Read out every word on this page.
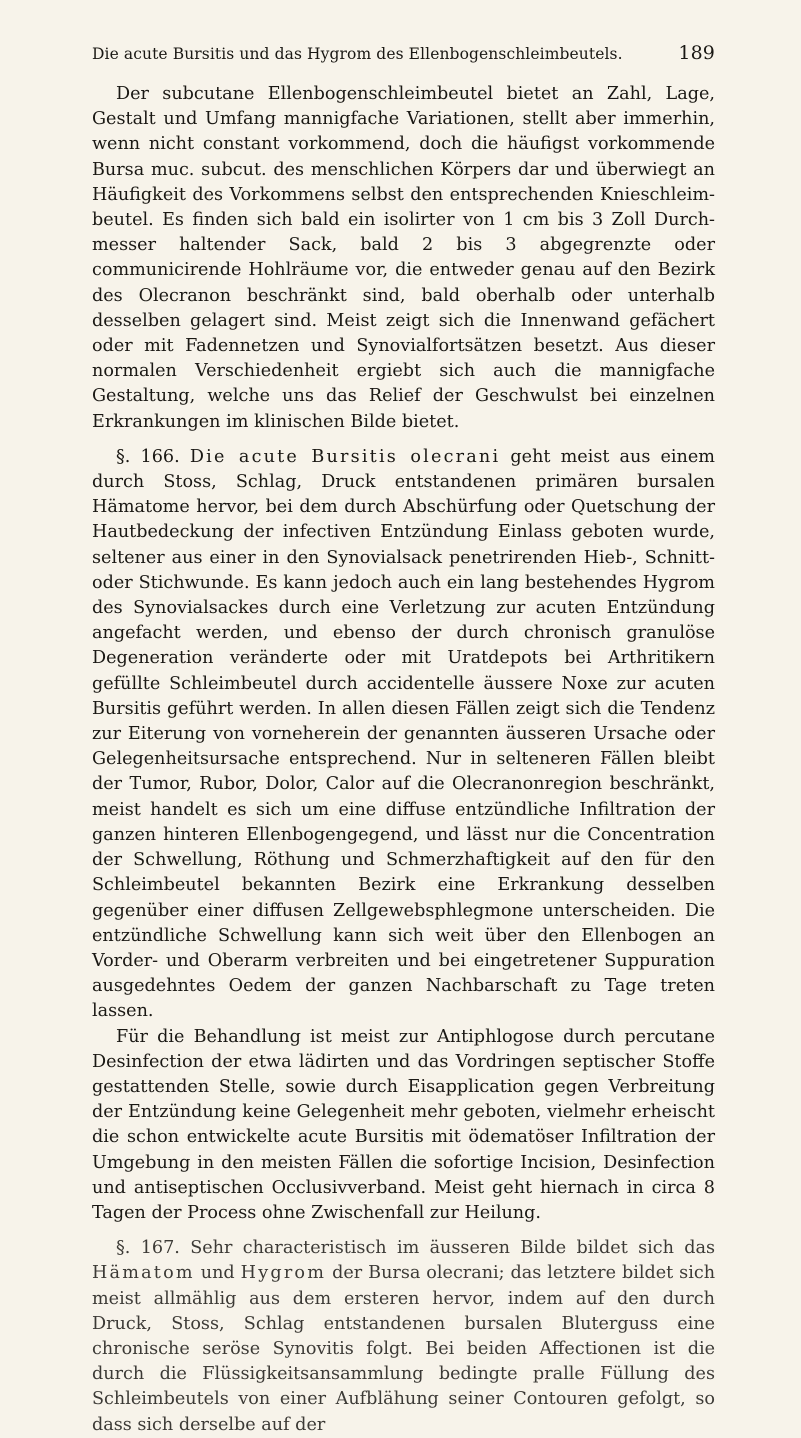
Die acute Bursitis und das Hygrom des Ellenbogenschleimbeutels.	189

Der subcutane Ellenbogenschleimbeutel bietet an Zahl, Lage, Gestalt und Umfang mannigfache Variationen, stellt aber immerhin, wenn nicht constant vorkommend, doch die häufigst vorkommende Bursa muc. subcut. des menschlichen Körpers dar und überwiegt an Häufigkeit des Vorkommens selbst den entsprechenden Knieschleimbeutel. Es finden sich bald ein isolirter von 1 cm bis 3 Zoll Durchmesser haltender Sack, bald 2 bis 3 abgegrenzte oder communicirende Hohlräume vor, die entweder genau auf den Bezirk des Olecranon beschränkt sind, bald oberhalb oder unterhalb desselben gelagert sind. Meist zeigt sich die Innenwand gefächert oder mit Fadennetzen und Synovialfortsätzen besetzt. Aus dieser normalen Verschiedenheit ergiebt sich auch die mannigfache Gestaltung, welche uns das Relief der Geschwulst bei einzelnen Erkrankungen im klinischen Bilde bietet.

§. 166. Die acute Bursitis olecrani geht meist aus einem durch Stoss, Schlag, Druck entstandenen primären bursalen Hämatome hervor, bei dem durch Abschürfung oder Quetschung der Hautbedeckung der infectiven Entzündung Einlass geboten wurde, seltener aus einer in den Synovialsack penetrirenden Hieb-, Schnitt- oder Stichwunde. Es kann jedoch auch ein lang bestehendes Hygrom des Synovialsackes durch eine Verletzung zur acuten Entzündung angefacht werden, und ebenso der durch chronisch granulöse Degeneration veränderte oder mit Uratdepots bei Arthritikern gefüllte Schleimbeutel durch accidentelle äussere Noxe zur acuten Bursitis geführt werden. In allen diesen Fällen zeigt sich die Tendenz zur Eiterung von vorneherein der genannten äusseren Ursache oder Gelegenheitsursache entsprechend. Nur in selteneren Fällen bleibt der Tumor, Rubor, Dolor, Calor auf die Olecranonregion beschränkt, meist handelt es sich um eine diffuse entzündliche Infiltration der ganzen hinteren Ellenbogengegend, und lässt nur die Concentration der Schwellung, Röthung und Schmerzhaftigkeit auf den für den Schleimbeutel bekannten Bezirk eine Erkrankung desselben gegenüber einer diffusen Zellgewebsphlegmone unterscheiden. Die entzündliche Schwellung kann sich weit über den Ellenbogen an Vorder- und Oberarm verbreiten und bei eingetretener Suppuration ausgedehntes Oedem der ganzen Nachbarschaft zu Tage treten lassen.

Für die Behandlung ist meist zur Antiphlogose durch percutane Desinfection der etwa lädirten und das Vordringen septischer Stoffe gestattenden Stelle, sowie durch Eisapplication gegen Verbreitung der Entzündung keine Gelegenheit mehr geboten, vielmehr erheischt die schon entwickelte acute Bursitis mit ödematöser Infiltration der Umgebung in den meisten Fällen die sofortige Incision, Desinfection und antiseptischen Occlusivverband. Meist geht hiernach in circa 8 Tagen der Process ohne Zwischenfall zur Heilung.

§. 167. Sehr characteristisch im äusseren Bilde bildet sich das Hämatom und Hygrom der Bursa olecrani; das letztere bildet sich meist allmählig aus dem ersteren hervor, indem auf den durch Druck, Stoss, Schlag entstandenen bursalen Bluterguss eine chronische seröse Synovitis folgt. Bei beiden Affectionen ist die durch die Flüssigkeitsansammlung bedingte pralle Füllung des Schleimbeutels von einer Aufblähung seiner Contouren gefolgt, so dass sich derselbe auf der
